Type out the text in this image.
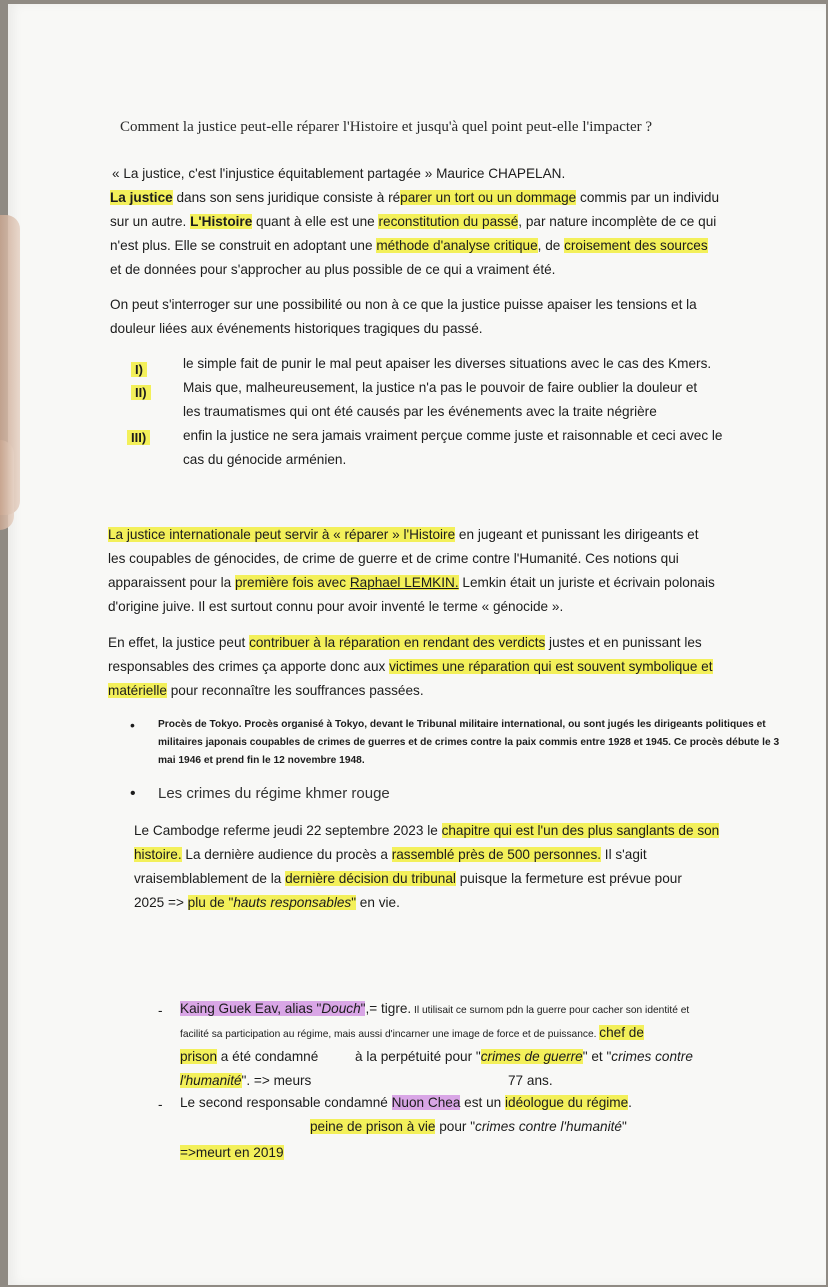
Comment la justice peut-elle réparer l'Histoire et jusqu'à quel point peut-elle l'impacter ?
« La justice, c'est l'injustice équitablement partagée » Maurice CHAPELAN.
La justice dans son sens juridique consiste à réparer un tort ou un dommage commis par un individu
sur un autre. L'Histoire quant à elle est une reconstitution du passé, par nature incomplète de ce qui
n'est plus. Elle se construit en adoptant une méthode d'analyse critique, de croisement des sources
et de données pour s'approcher au plus possible de ce qui a vraiment été.
On peut s'interroger sur une possibilité ou non à ce que la justice puisse apaiser les tensions et la
douleur liées aux événements historiques tragiques du passé.
I)
II)
III)
le simple fait de punir le mal peut apaiser les diverses situations avec le cas des Kmers.
Mais que, malheureusement, la justice n'a pas le pouvoir de faire oublier la douleur et
les traumatismes qui ont été causés par les événements avec la traite négrière
enfin la justice ne sera jamais vraiment perçue comme juste et raisonnable et ceci avec le
cas du génocide arménien.
La justice internationale peut servir à « réparer » l'Histoire en jugeant et punissant les dirigeants et
les coupables de génocides, de crime de guerre et de crime contre l'Humanité. Ces notions qui
apparaissent pour la première fois avec Raphael LEMKIN. Lemkin était un juriste et écrivain polonais
d'origine juive. Il est surtout connu pour avoir inventé le terme « génocide ».
En effet, la justice peut contribuer à la réparation en rendant des verdicts justes et en punissant les
responsables des crimes ça apporte donc aux victimes une réparation qui est souvent symbolique et
matérielle pour reconnaître les souffrances passées.
• Procès de Tokyo. Procès organisé à Tokyo, devant le Tribunal militaire international, ou sont jugés les dirigeants politiques et
militaires japonais coupables de crimes de guerres et de crimes contre la paix commis entre 1928 et 1945. Ce procès débute le 3
mai 1946 et prend fin le 12 novembre 1948.
• Les crimes du régime khmer rouge
Le Cambodge referme jeudi 22 septembre 2023 le chapitre qui est l'un des plus sanglants de son
histoire. La dernière audience du procès a rassemblé près de 500 personnes. Il s'agit
vraisemblablement de la dernière décision du tribunal puisque la fermeture est prévue pour
2025 => plu de "hauts responsables" en vie.
- Kaing Guek Eav, alias "Douch",= tigre. Il utilisait ce surnom pdn la guerre pour cacher son identité et
facilité sa participation au régime, mais aussi d'incarner une image de force et de puissance. chef de
prison a été condamné	à la perpétuité pour "crimes de guerre" et "crimes contre
l'humanité". => meurs	77 ans.
- Le second responsable condamné Nuon Chea est un idéologue du régime.
peine de prison à vie pour "crimes contre l'humanité"
=>meurt en 2019
